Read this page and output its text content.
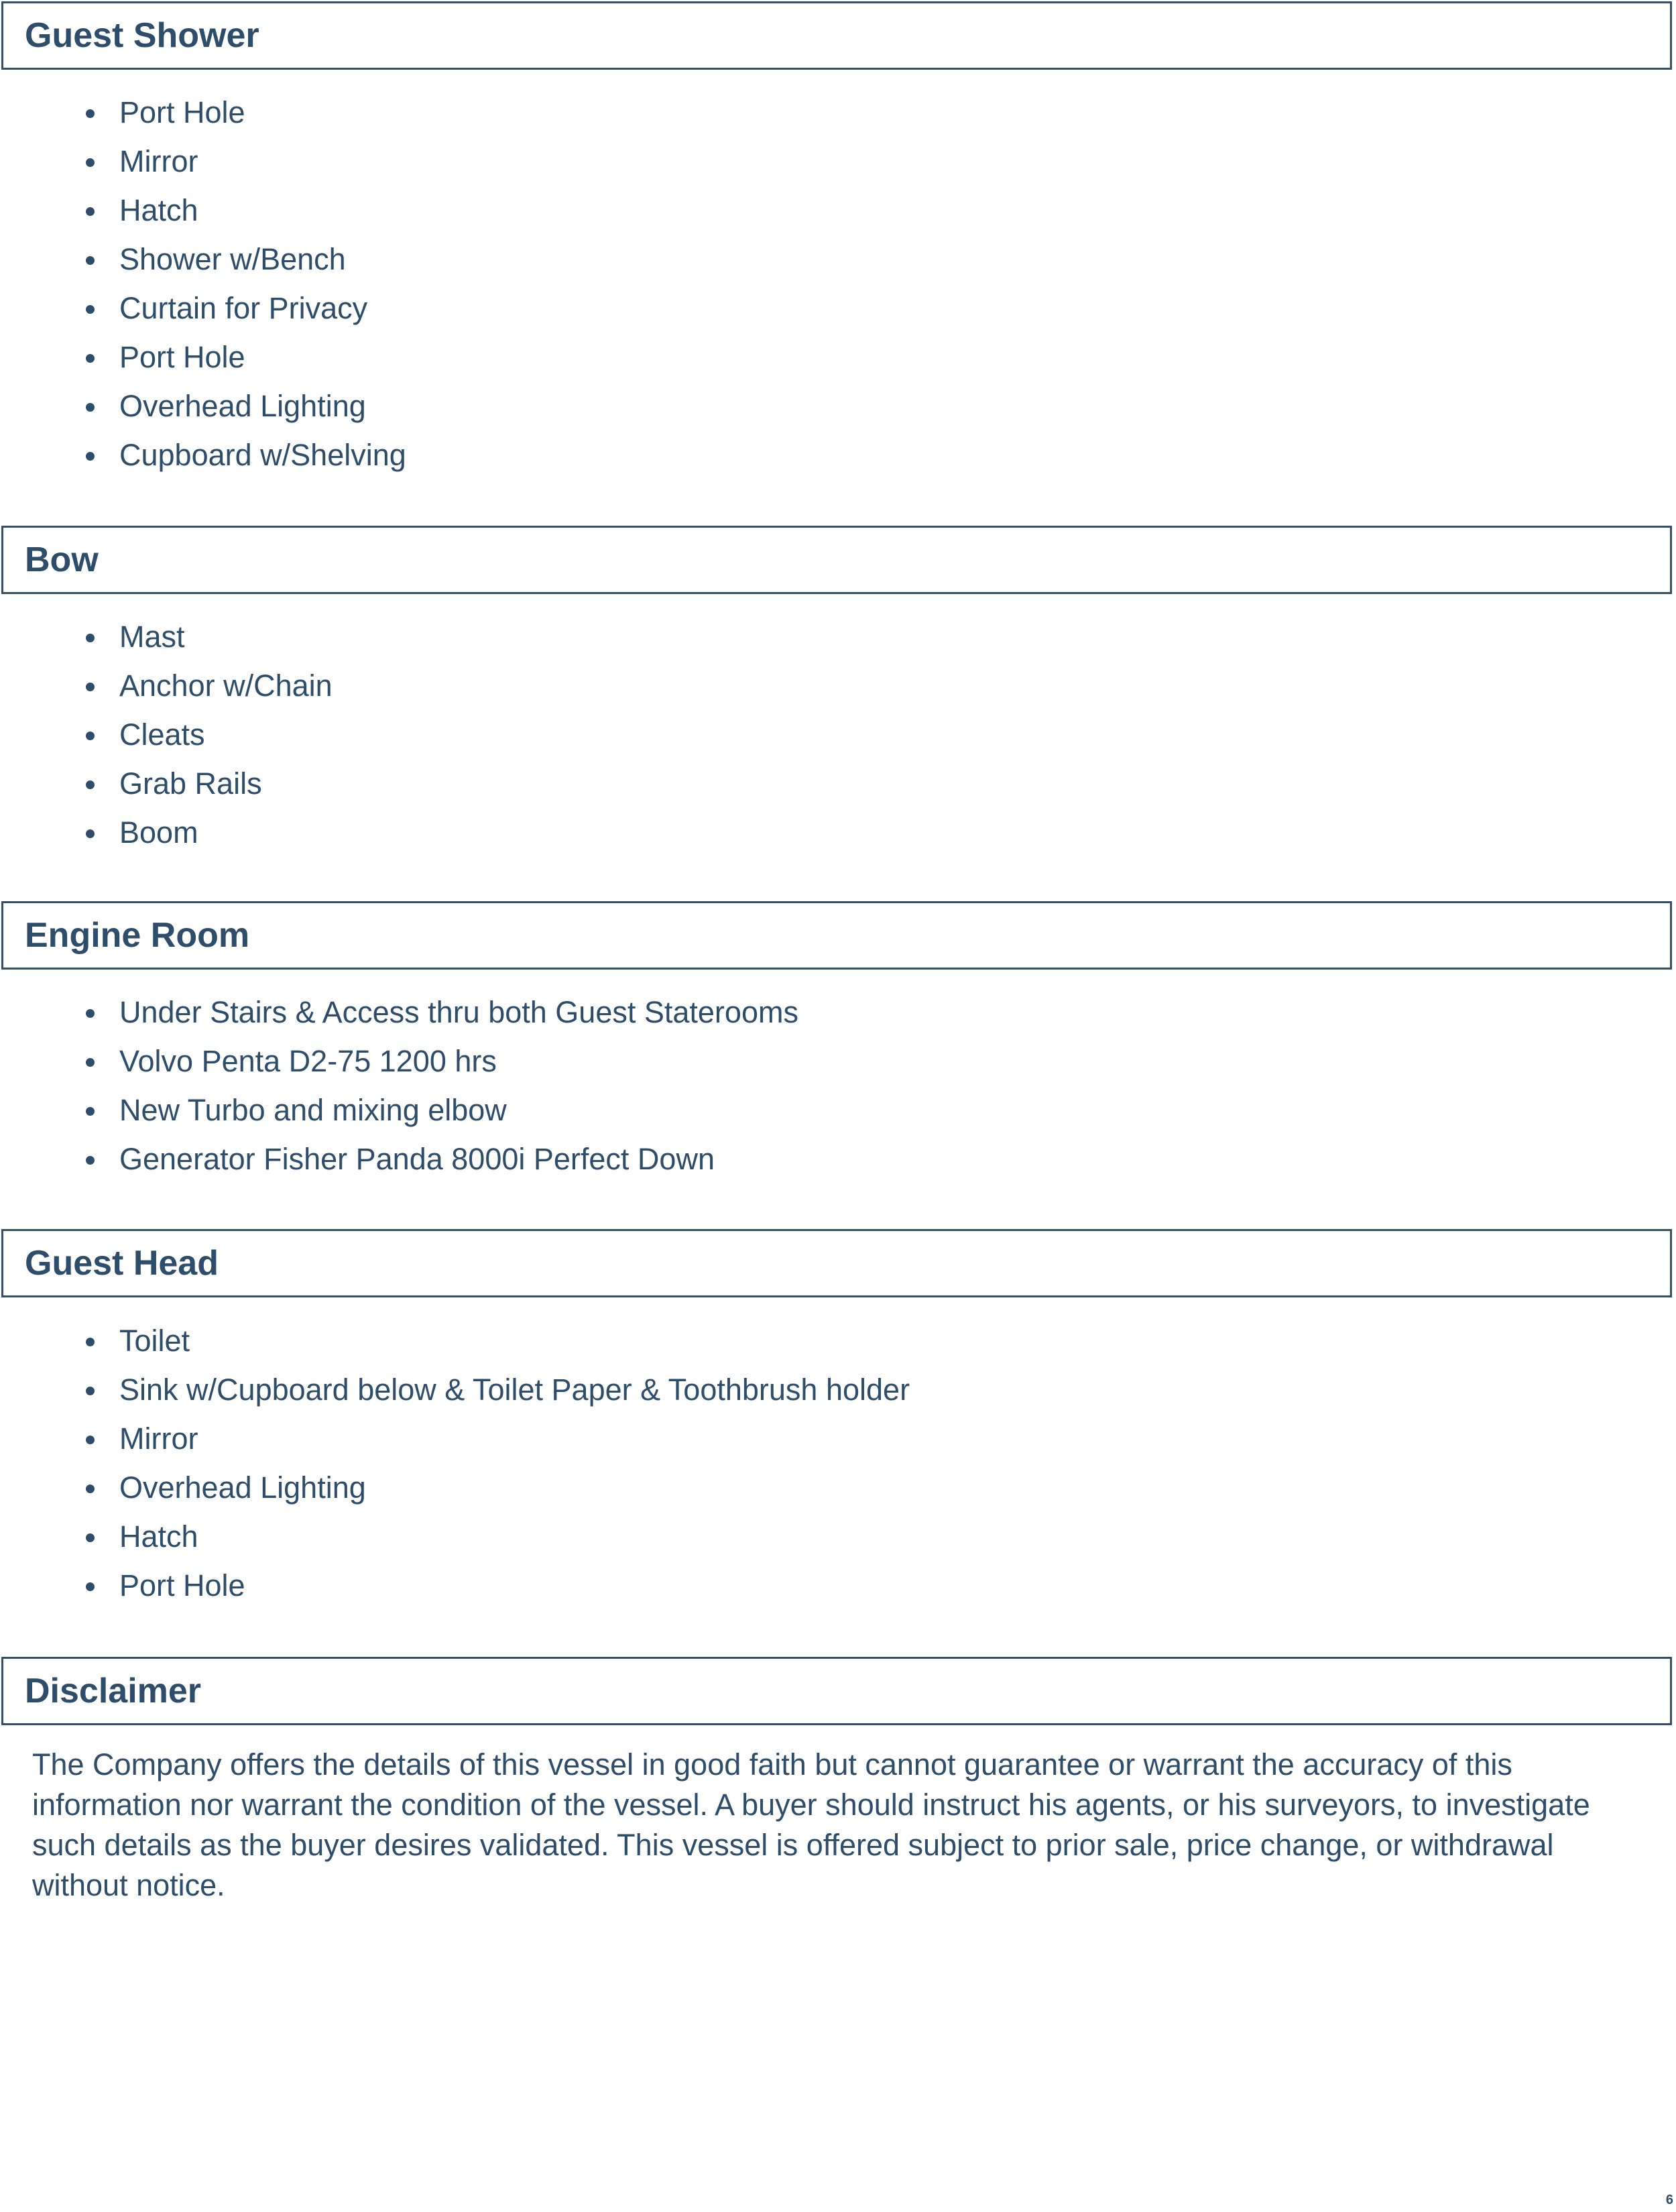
Guest Shower
Port Hole
Mirror
Hatch
Shower w/Bench
Curtain for Privacy
Port Hole
Overhead Lighting
Cupboard w/Shelving
Bow
Mast
Anchor w/Chain
Cleats
Grab Rails
Boom
Engine Room
Under Stairs & Access thru both Guest Staterooms
Volvo Penta D2-75 1200 hrs
New Turbo and mixing elbow
Generator Fisher Panda 8000i Perfect Down
Guest Head
Toilet
Sink w/Cupboard below & Toilet Paper & Toothbrush holder
Mirror
Overhead Lighting
Hatch
Port Hole
Disclaimer

The Company offers the details of this vessel in good faith but cannot guarantee or warrant the accuracy of this information nor warrant the condition of the vessel. A buyer should instruct his agents, or his surveyors, to investigate such details as the buyer desires validated. This vessel is offered subject to prior sale, price change, or withdrawal without notice.

6
